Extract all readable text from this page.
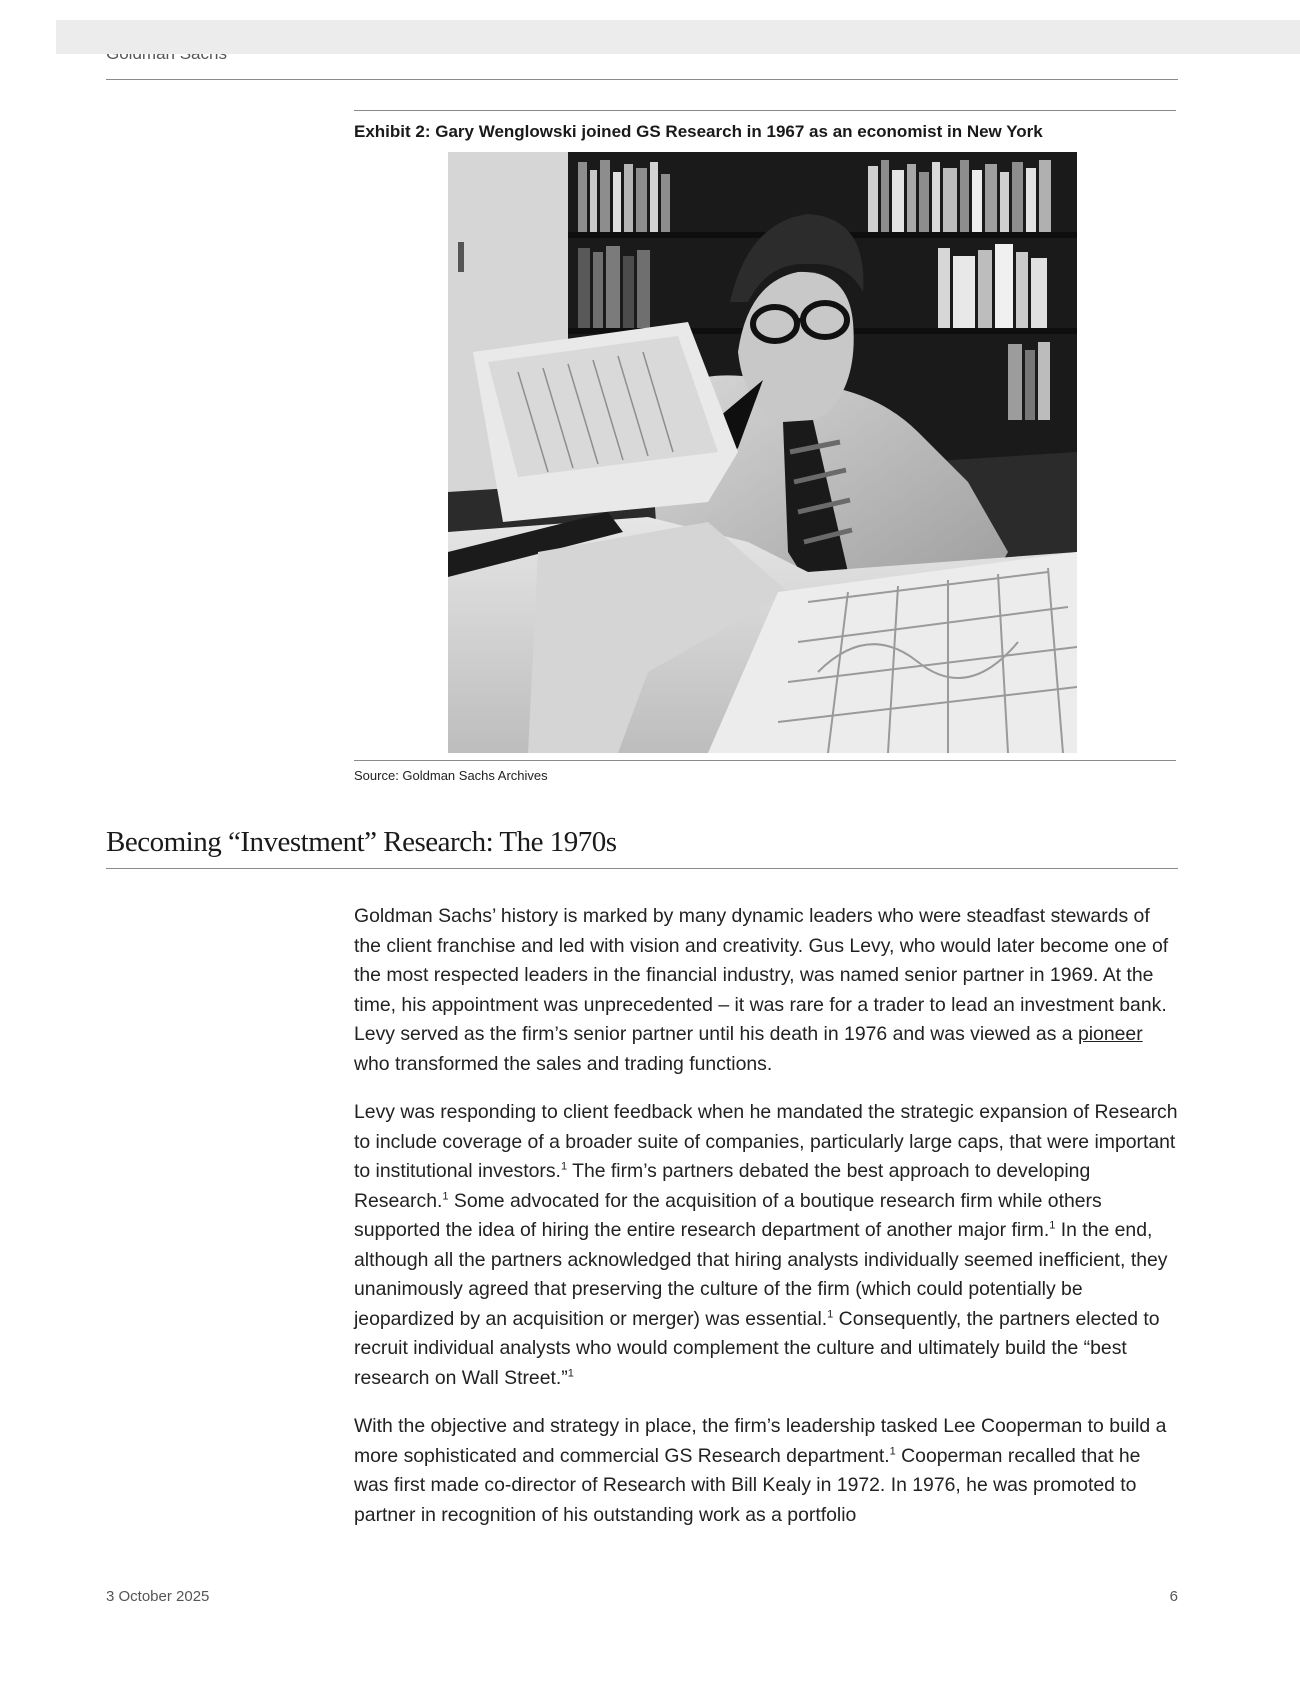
Exhibit 2: Gary Wenglowski joined GS Research in 1967 as an economist in New York
Source: Goldman Sachs Archives
Becoming “Investment” Research: The 1970s

Goldman Sachs’ history is marked by many dynamic leaders who were steadfast stewards of the client franchise and led with vision and creativity. Gus Levy, who would later become one of the most respected leaders in the financial industry, was named senior partner in 1969. At the time, his appointment was unprecedented – it was rare for a trader to lead an investment bank. Levy served as the firm’s senior partner until his death in 1976 and was viewed as a pioneer who transformed the sales and trading functions.

Levy was responding to client feedback when he mandated the strategic expansion of Research to include coverage of a broader suite of companies, particularly large caps, that were important to institutional investors.$^1$ The firm’s partners debated the best approach to developing Research.$^1$ Some advocated for the acquisition of a boutique research firm while others supported the idea of hiring the entire research department of another major firm.$^1$ In the end, although all the partners acknowledged that hiring analysts individually seemed inefficient, they unanimously agreed that preserving the culture of the firm (which could potentially be jeopardized by an acquisition or merger) was essential.$^1$ Consequently, the partners elected to recruit individual analysts who would complement the culture and ultimately build the “best research on Wall Street.”$^1$

With the objective and strategy in place, the firm’s leadership tasked Lee Cooperman to build a more sophisticated and commercial GS Research department.$^1$ Cooperman recalled that he was first made co-director of Research with Bill Kealy in 1972. In 1976, he was promoted to partner in recognition of his outstanding work as a portfolio

3 October 2025	6
